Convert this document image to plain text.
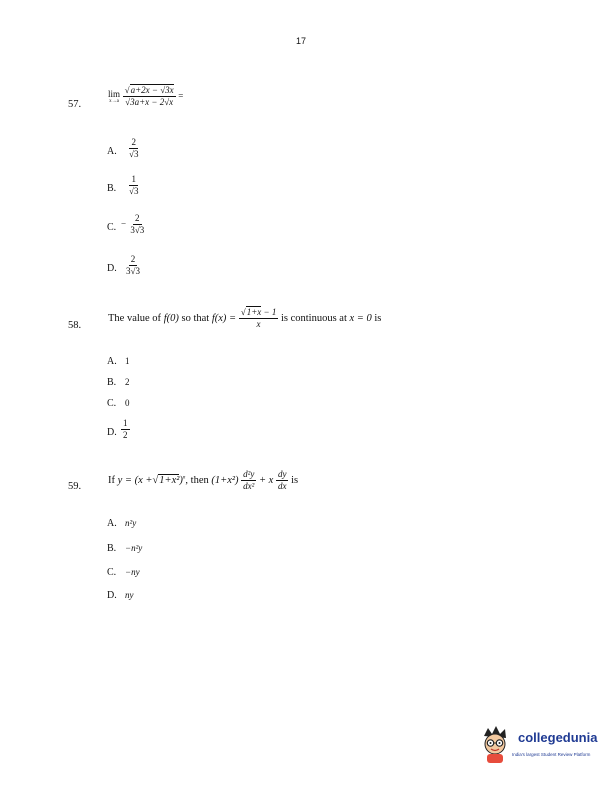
17
57.
lim
x→a
$\frac{√a+2x - √3x}{√3a+x - 2√x}$ =
A. $\frac{2}{√3}$
B. $\frac{1}{√3}$
C. − $\frac{2}{3√3}$
D. $\frac{2}{3√3}$
58.
The value of f(0) so that $f(x) = \frac{√1+x - 1}{x}$ is continuous at x = 0 is
A. 1
B. 2
C. 0
D. $\frac{1}{2}$
59.
If $y = (x +√1+x^2)^n$, then $(1+x^2) \frac{\text{d²y}}{\text{dx²}} + x \frac{dy}{dx}$ is
A. n²y
B. −n²y
C. −ny
D. ny
collegedunia
India's largest Student Review Platform
